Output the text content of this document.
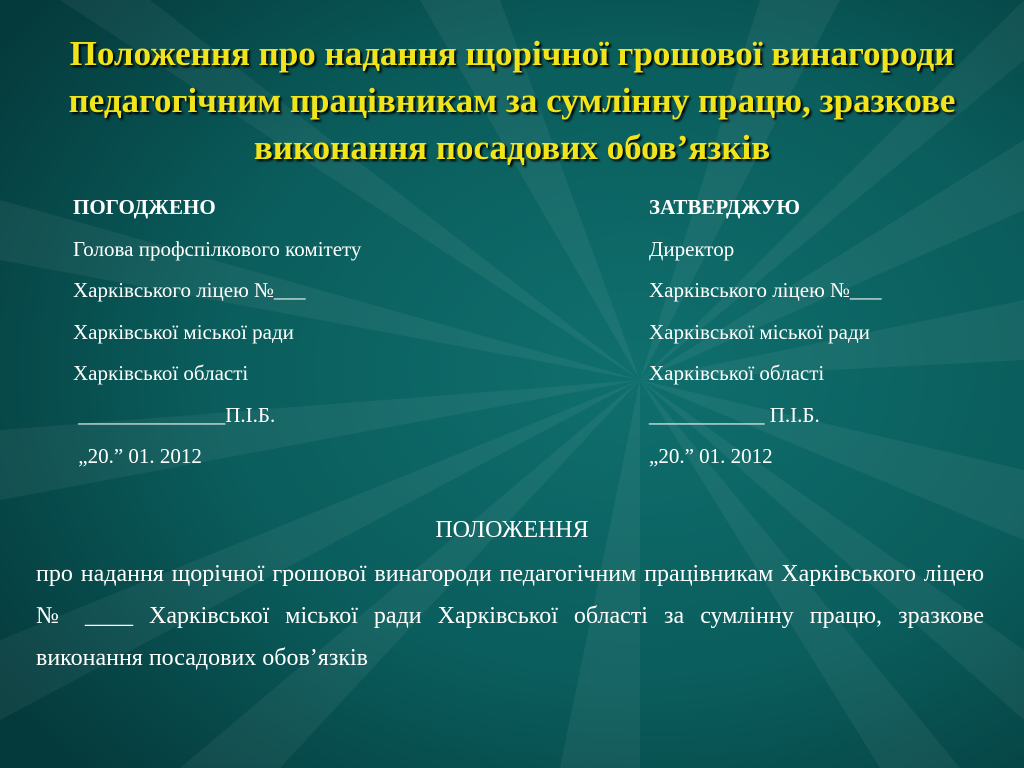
Положення про надання щорічної грошової винагороди педагогічним працівникам за сумлінну працю, зразкове виконання посадових обов’язків
ПОГОДЖЕНО
Голова профспілкового комітету
Харківського ліцею №___
Харківської міської ради
Харківської області
______________П.І.Б.
„20.” 01. 2012
ЗАТВЕРДЖУЮ
Директор
Харківського ліцею №___
Харківської міської ради
Харківської області
___________ П.І.Б.
„20.” 01. 2012
ПОЛОЖЕННЯ
про надання щорічної грошової винагороди педагогічним працівникам Харківського ліцею № ____ Харківської міської ради Харківської області за сумлінну працю, зразкове виконання посадових обов’язків
